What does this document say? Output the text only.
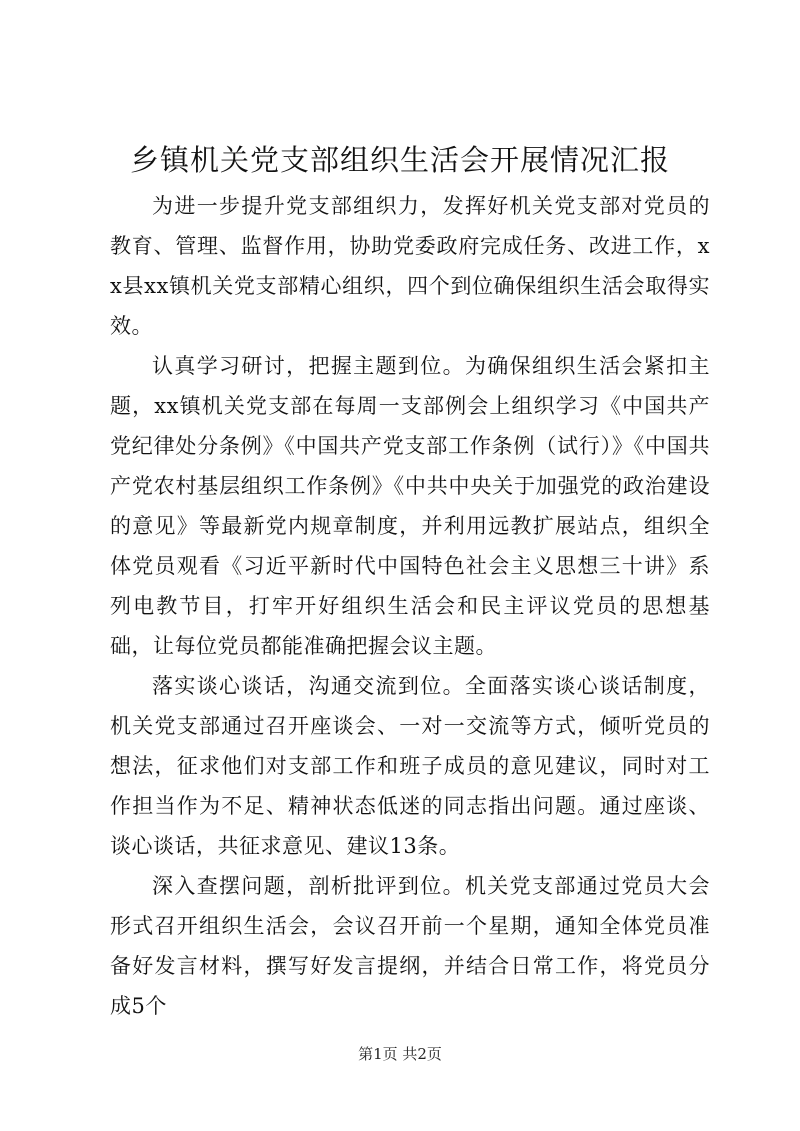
乡镇机关党支部组织生活会开展情况汇报

为进一步提升党支部组织力，发挥好机关党支部对党员的教育、管理、监督作用，协助党委政府完成任务、改进工作，xx县xx镇机关党支部精心组织，四个到位确保组织生活会取得实效。

认真学习研讨，把握主题到位。为确保组织生活会紧扣主题，xx镇机关党支部在每周一支部例会上组织学习《中国共产党纪律处分条例》《中国共产党支部工作条例（试行）》《中国共产党农村基层组织工作条例》《中共中央关于加强党的政治建设的意见》等最新党内规章制度，并利用远教扩展站点，组织全体党员观看《习近平新时代中国特色社会主义思想三十讲》系列电教节目，打牢开好组织生活会和民主评议党员的思想基础，让每位党员都能准确把握会议主题。

落实谈心谈话，沟通交流到位。全面落实谈心谈话制度，机关党支部通过召开座谈会、一对一交流等方式，倾听党员的想法，征求他们对支部工作和班子成员的意见建议，同时对工作担当作为不足、精神状态低迷的同志指出问题。通过座谈、谈心谈话，共征求意见、建议13条。

深入查摆问题，剖析批评到位。机关党支部通过党员大会形式召开组织生活会，会议召开前一个星期，通知全体党员准备好发言材料，撰写好发言提纲，并结合日常工作，将党员分成5个

第1页 共2页
